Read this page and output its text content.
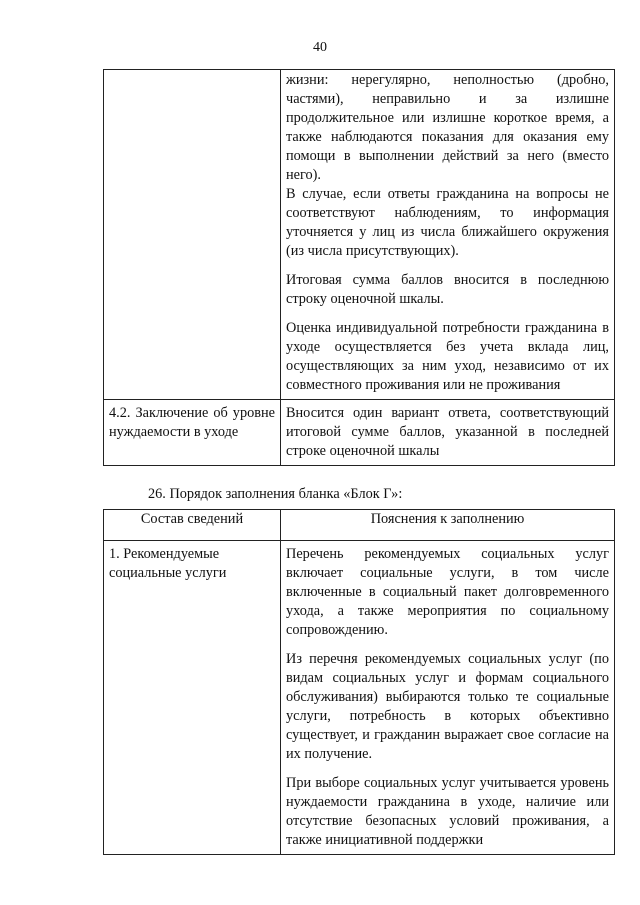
40

	жизни: нерегулярно, неполностью (дробно, частями), неправильно и за излишне продолжительное или излишне короткое время, а также наблюдаются показания для оказания ему помощи в выполнении действий за него (вместо него).

В случае, если ответы гражданина на вопросы не соответствуют наблюдениям, то информация уточняется у лиц из числа ближайшего окружения (из числа присутствующих).

Итоговая сумма баллов вносится в последнюю строку оценочной шкалы.

Оценка индивидуальной потребности гражданина в уходе осуществляется без учета вклада лиц, осуществляющих за ним уход, независимо от их совместного проживания или не проживания

4.2. Заключение об уровне нуждаемости в уходе	Вносится один вариант ответа, соответствующий итоговой сумме баллов, указанной в последней строке оценочной шкалы
26. Порядок заполнения бланка «Блок Г»:
Состав сведений	Пояснения к заполнению
1. Рекомендуемые социальные услуги	Перечень рекомендуемых социальных услуг включает социальные услуги, в том числе включенные в социальный пакет долговременного ухода, а также мероприятия по социальному сопровождению.

Из перечня рекомендуемых социальных услуг (по видам социальных услуг и формам социального обслуживания) выбираются только те социальные услуги, потребность в которых объективно существует, и гражданин выражает свое согласие на их получение.

При выборе социальных услуг учитывается уровень нуждаемости гражданина в уходе, наличие или отсутствие безопасных условий проживания, а также инициативной поддержки
